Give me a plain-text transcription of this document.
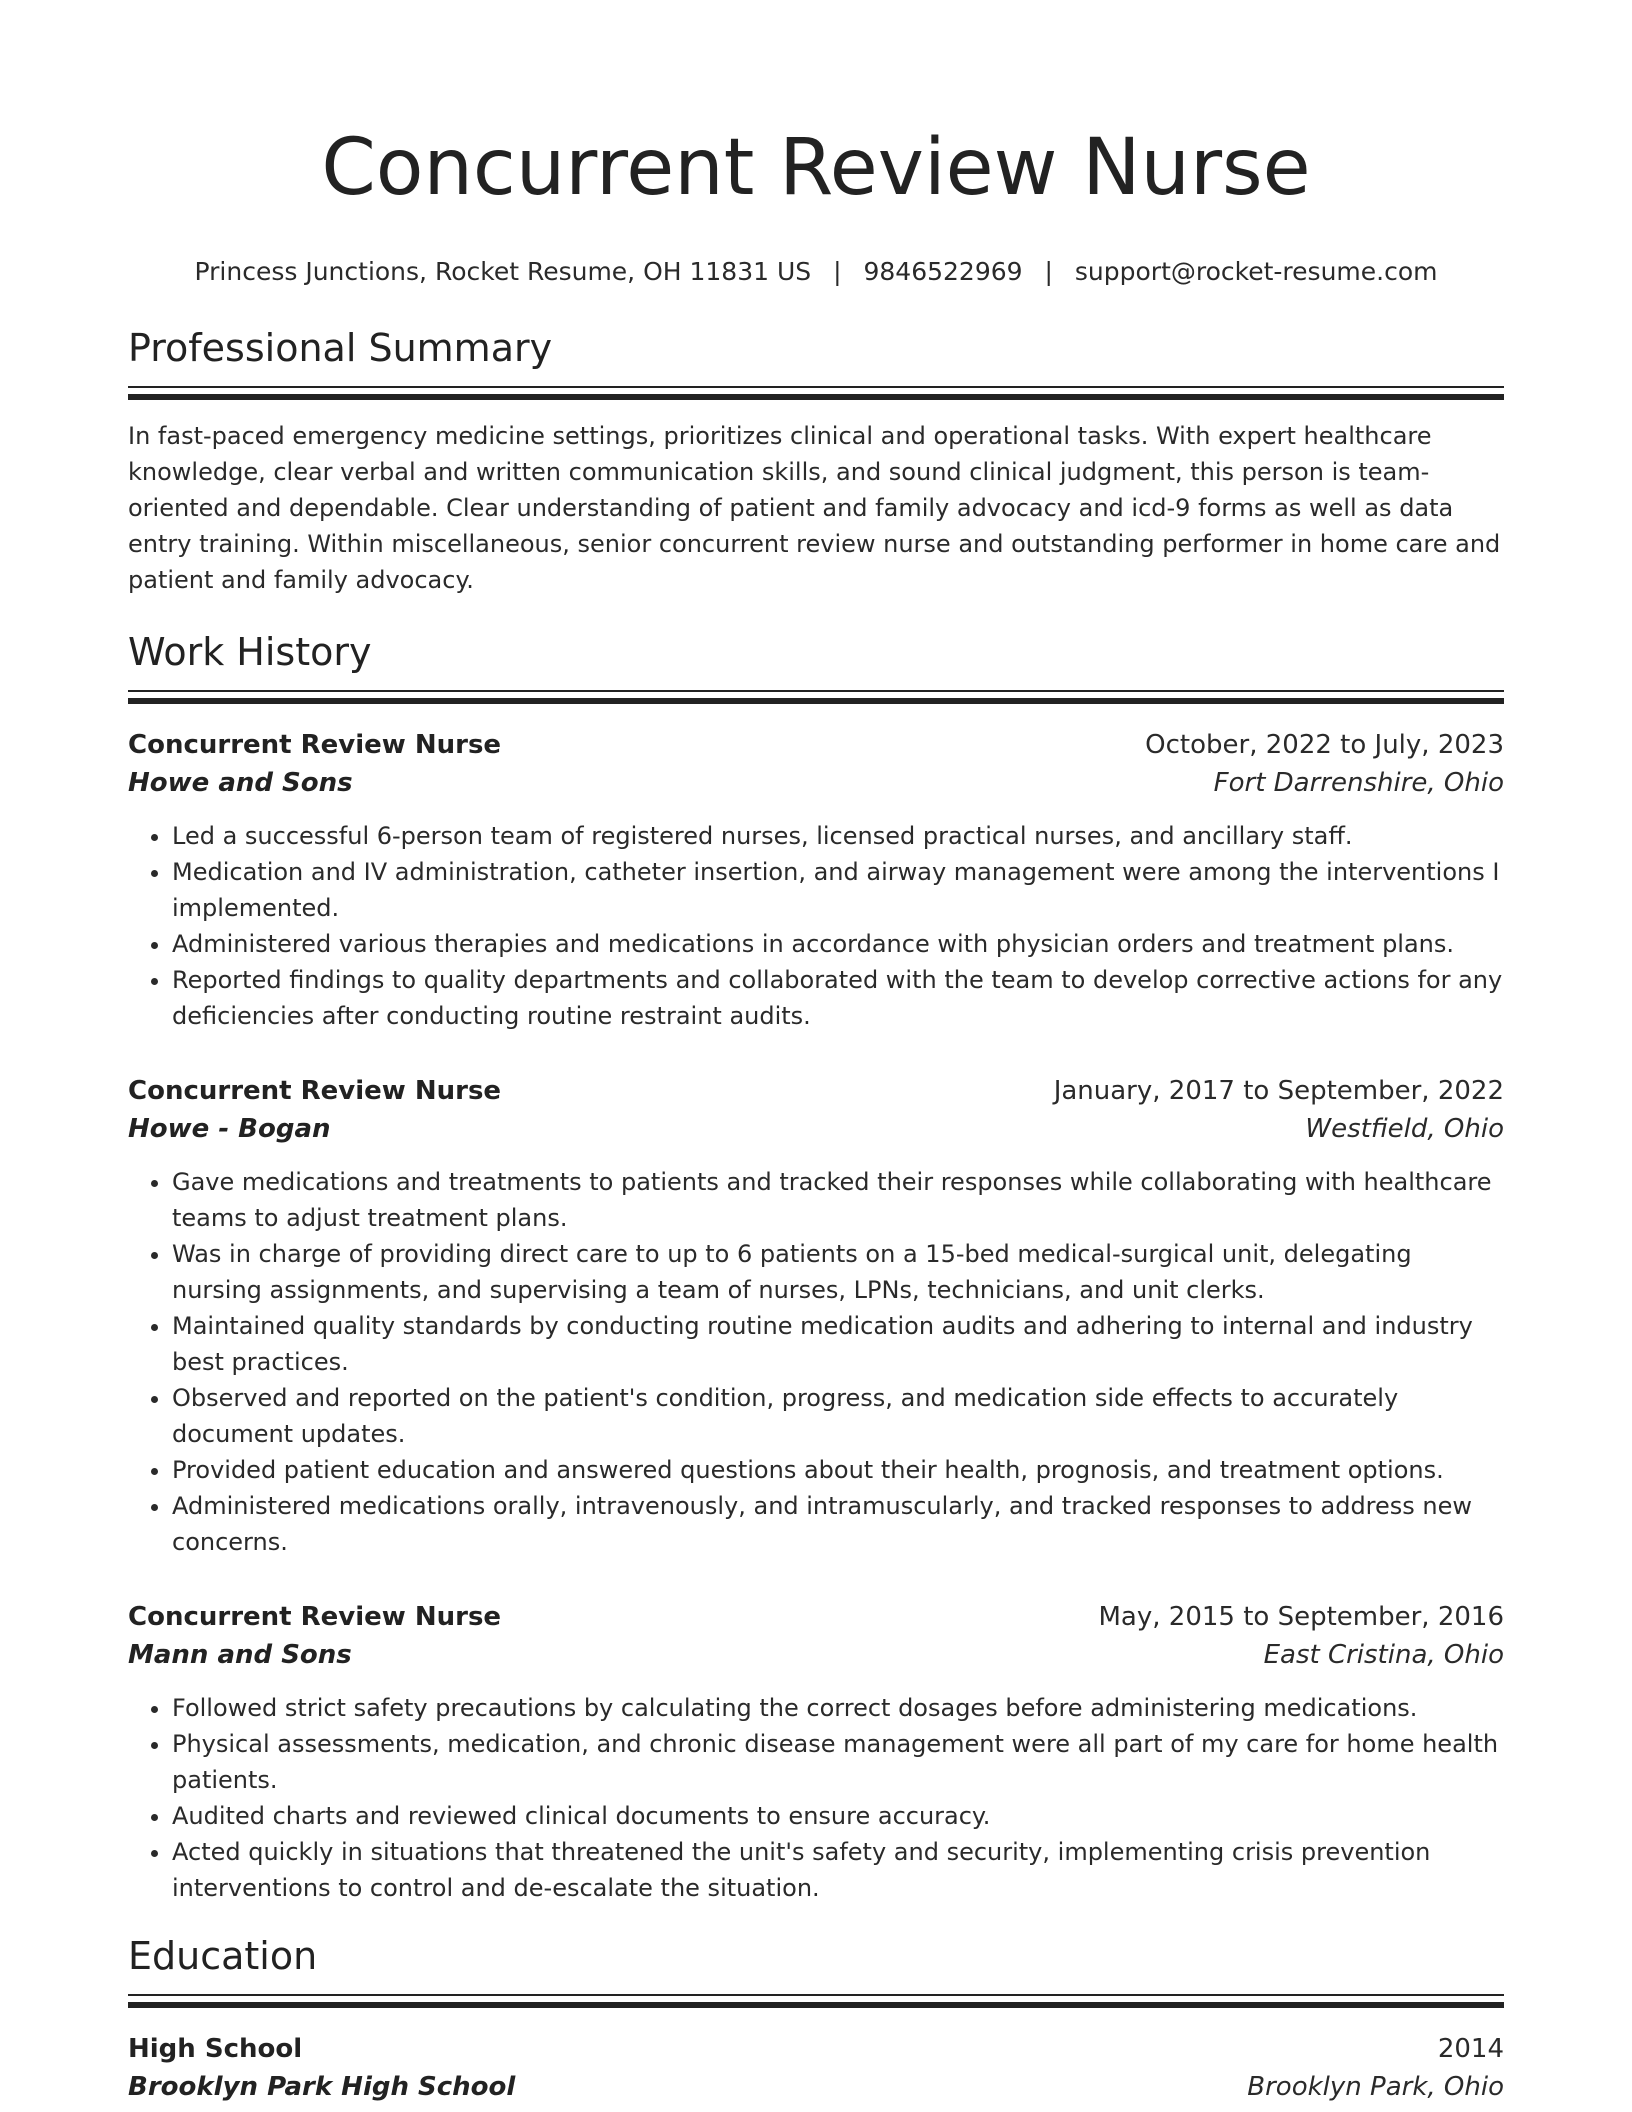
Concurrent Review Nurse
Princess Junctions, Rocket Resume, OH 11831 US | 9846522969 | support@rocket-resume.com
Professional Summary

In fast-paced emergency medicine settings, prioritizes clinical and operational tasks. With expert healthcare knowledge, clear verbal and written communication skills, and sound clinical judgment, this person is team-oriented and dependable. Clear understanding of patient and family advocacy and icd-9 forms as well as data entry training. Within miscellaneous, senior concurrent review nurse and outstanding performer in home care and patient and family advocacy.

Work History
Concurrent Review Nurse	October, 2022 to July, 2023
Howe and Sons	Fort Darrenshire, Ohio
• Led a successful 6-person team of registered nurses, licensed practical nurses, and ancillary staff.
• Medication and IV administration, catheter insertion, and airway management were among the interventions I implemented.
• Administered various therapies and medications in accordance with physician orders and treatment plans.
• Reported findings to quality departments and collaborated with the team to develop corrective actions for any deficiencies after conducting routine restraint audits.
Concurrent Review Nurse	January, 2017 to September, 2022
Howe - Bogan	Westfield, Ohio
• Gave medications and treatments to patients and tracked their responses while collaborating with healthcare teams to adjust treatment plans.
• Was in charge of providing direct care to up to 6 patients on a 15-bed medical-surgical unit, delegating nursing assignments, and supervising a team of nurses, LPNs, technicians, and unit clerks.
• Maintained quality standards by conducting routine medication audits and adhering to internal and industry best practices.
• Observed and reported on the patient's condition, progress, and medication side effects to accurately document updates.
• Provided patient education and answered questions about their health, prognosis, and treatment options.
• Administered medications orally, intravenously, and intramuscularly, and tracked responses to address new concerns.
Concurrent Review Nurse	May, 2015 to September, 2016
Mann and Sons	East Cristina, Ohio
• Followed strict safety precautions by calculating the correct dosages before administering medications.
• Physical assessments, medication, and chronic disease management were all part of my care for home health patients.
• Audited charts and reviewed clinical documents to ensure accuracy.
• Acted quickly in situations that threatened the unit's safety and security, implementing crisis prevention interventions to control and de-escalate the situation.
Education
High School	2014
Brooklyn Park High School	Brooklyn Park, Ohio
